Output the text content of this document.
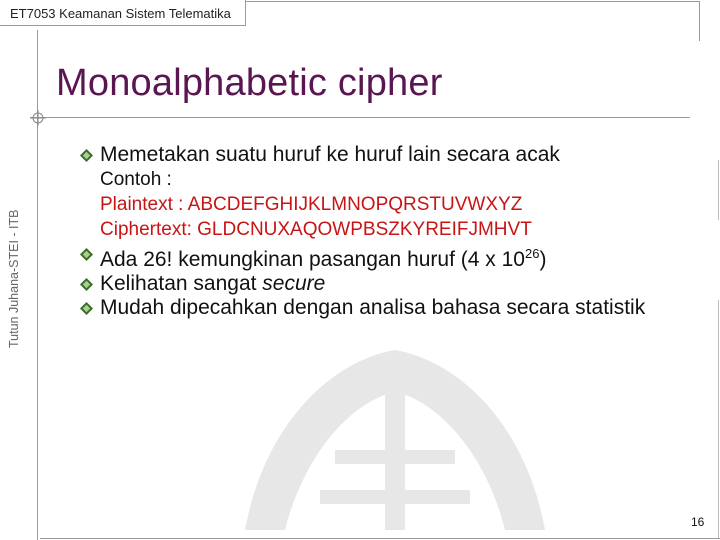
ET7053 Keamanan Sistem Telematika
Tutun Juhana-STEI - ITB
Monoalphabetic cipher
Memetakan suatu huruf ke huruf lain secara acak
Contoh :
Plaintext : ABCDEFGHIJKLMNOPQRSTUVWXYZ
Ciphertext: GLDCNUXAQOWPBSZKYREIFJMHVT
Ada 26! kemungkinan pasangan huruf (4 x $10^{26}$)
Kelihatan sangat secure
Mudah dipecahkan dengan analisa bahasa secara statistik
16
